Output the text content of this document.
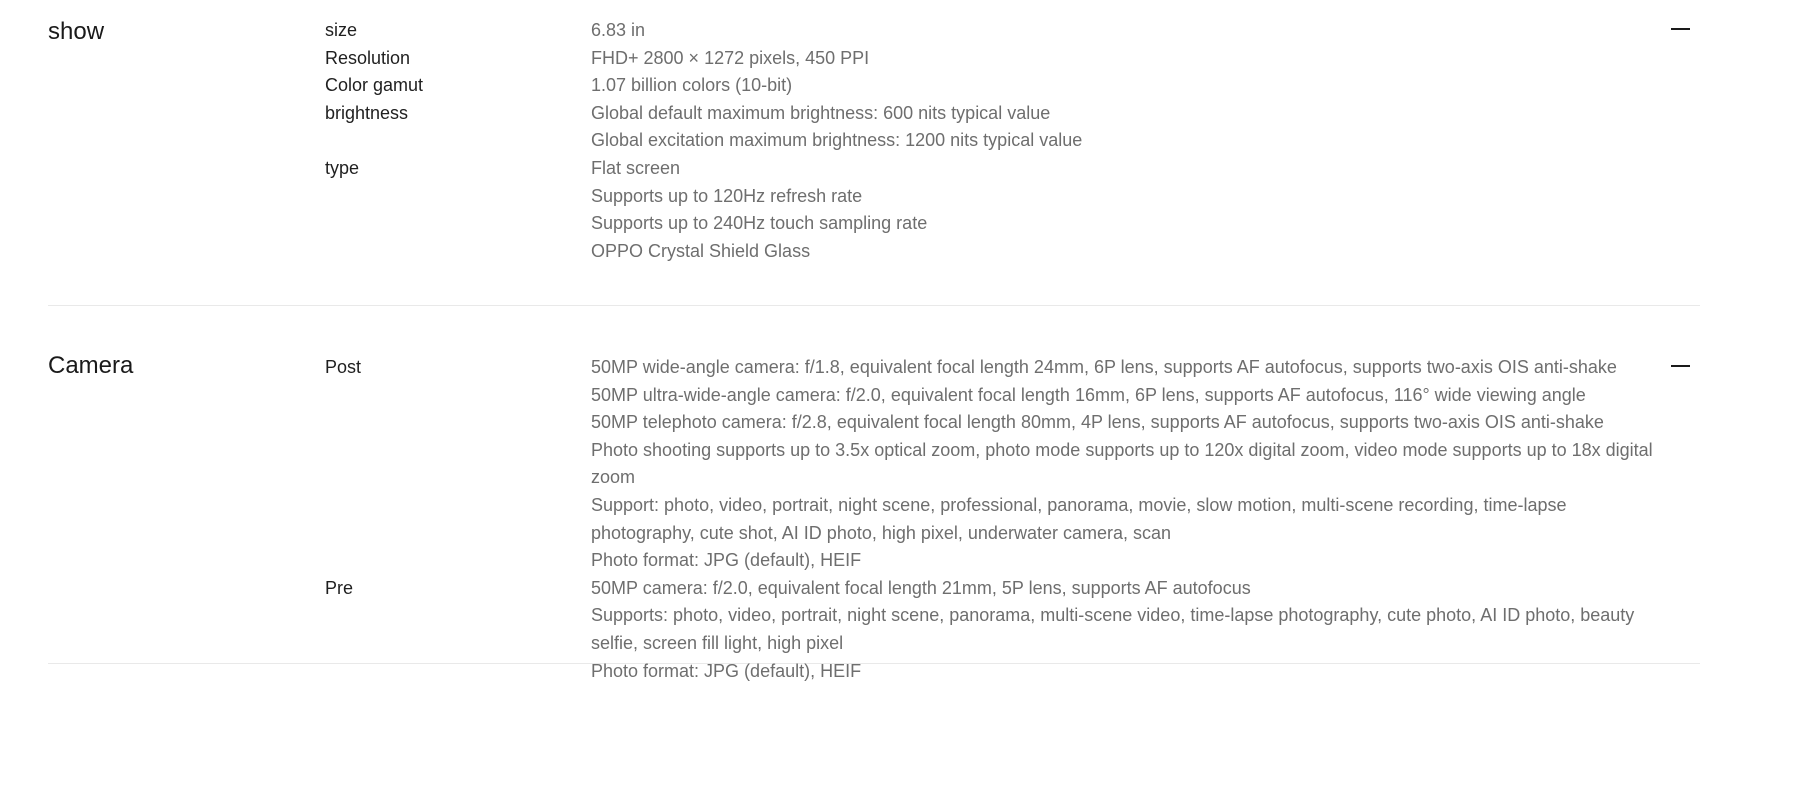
show	size	6.83 in
Resolution	FHD+ 2800 × 1272 pixels, 450 PPI
Color gamut	1.07 billion colors (10-bit)
brightness	Global default maximum brightness: 600 nits typical value
Global excitation maximum brightness: 1200 nits typical value
type	Flat screen
Supports up to 120Hz refresh rate
Supports up to 240Hz touch sampling rate
OPPO Crystal Shield Glass
Camera	Post	50MP wide-angle camera: f/1.8, equivalent focal length 24mm, 6P lens, supports AF autofocus, supports two-axis OIS anti-shake
50MP ultra-wide-angle camera: f/2.0, equivalent focal length 16mm, 6P lens, supports AF autofocus, 116° wide viewing angle
50MP telephoto camera: f/2.8, equivalent focal length 80mm, 4P lens, supports AF autofocus, supports two-axis OIS anti-shake
Photo shooting supports up to 3.5x optical zoom, photo mode supports up to 120x digital zoom, video mode supports up to 18x digital zoom
Support: photo, video, portrait, night scene, professional, panorama, movie, slow motion, multi-scene recording, time-lapse photography, cute shot, AI ID photo, high pixel, underwater camera, scan
Photo format: JPG (default), HEIF
Pre	50MP camera: f/2.0, equivalent focal length 21mm, 5P lens, supports AF autofocus
Supports: photo, video, portrait, night scene, panorama, multi-scene video, time-lapse photography, cute photo, AI ID photo, beauty selfie, screen fill light, high pixel
Photo format: JPG (default), HEIF
